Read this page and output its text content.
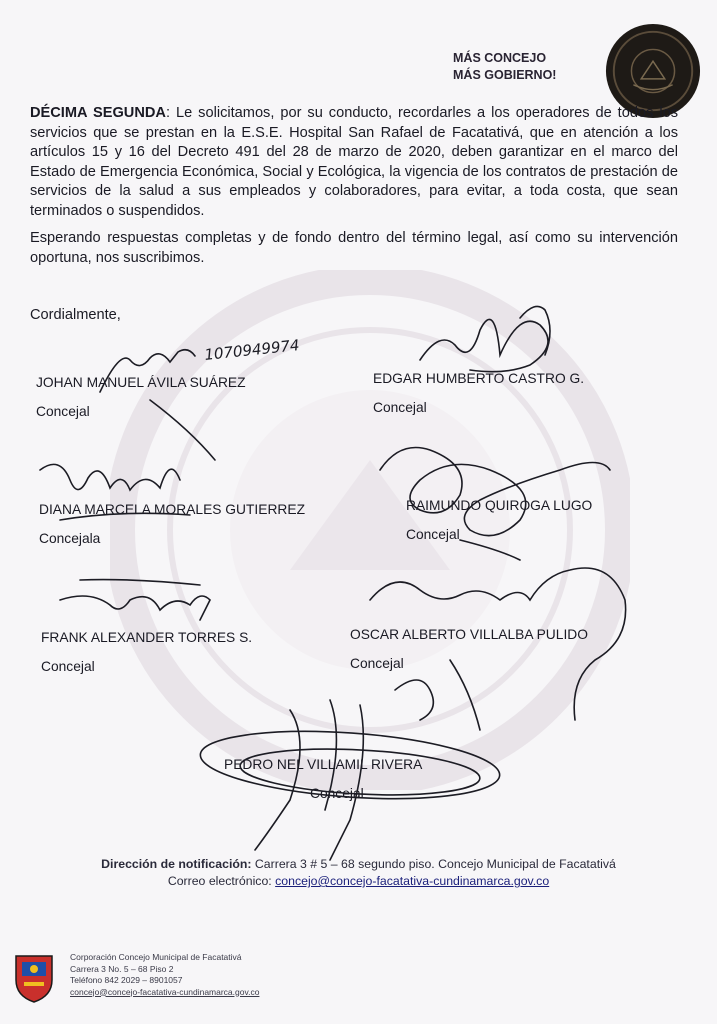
MÁS CONCEJO
MÁS GOBIERNO!

DÉCIMA SEGUNDA: Le solicitamos, por su conducto, recordarles a los operadores de todos los servicios que se prestan en la E.S.E. Hospital San Rafael de Facatativá, que en atención a los artículos 15 y 16 del Decreto 491 del 28 de marzo de 2020, deben garantizar en el marco del Estado de Emergencia Económica, Social y Ecológica, la vigencia de los contratos de prestación de servicios de la salud a sus empleados y colaboradores, para evitar, a toda costa, que sean terminados o suspendidos.

Esperando respuestas completas y de fondo dentro del término legal, así como su intervención oportuna, nos suscribimos.

Cordialmente,
JOHAN MANUEL ÁVILA SUÁREZ
Concejal
EDGAR HUMBERTO CASTRO G.
Concejal
DIANA MARCELA MORALES GUTIERREZ
Concejala
RAIMUNDO QUIROGA LUGO
Concejal
FRANK ALEXANDER TORRES S.
Concejal
OSCAR ALBERTO VILLALBA PULIDO
Concejal
PEDRO NEL VILLAMIL RIVERA
Concejal
1070949974
Dirección de notificación: Carrera 3 # 5 – 68 segundo piso. Concejo Municipal de Facatativá
Correo electrónico: concejo@concejo-facatativa-cundinamarca.gov.co
Corporación Concejo Municipal de Facatativá
Carrera 3 No. 5 – 68 Piso 2
Teléfono 842 2029 – 8901057
concejo@concejo-facatativa-cundinamarca.gov.co
